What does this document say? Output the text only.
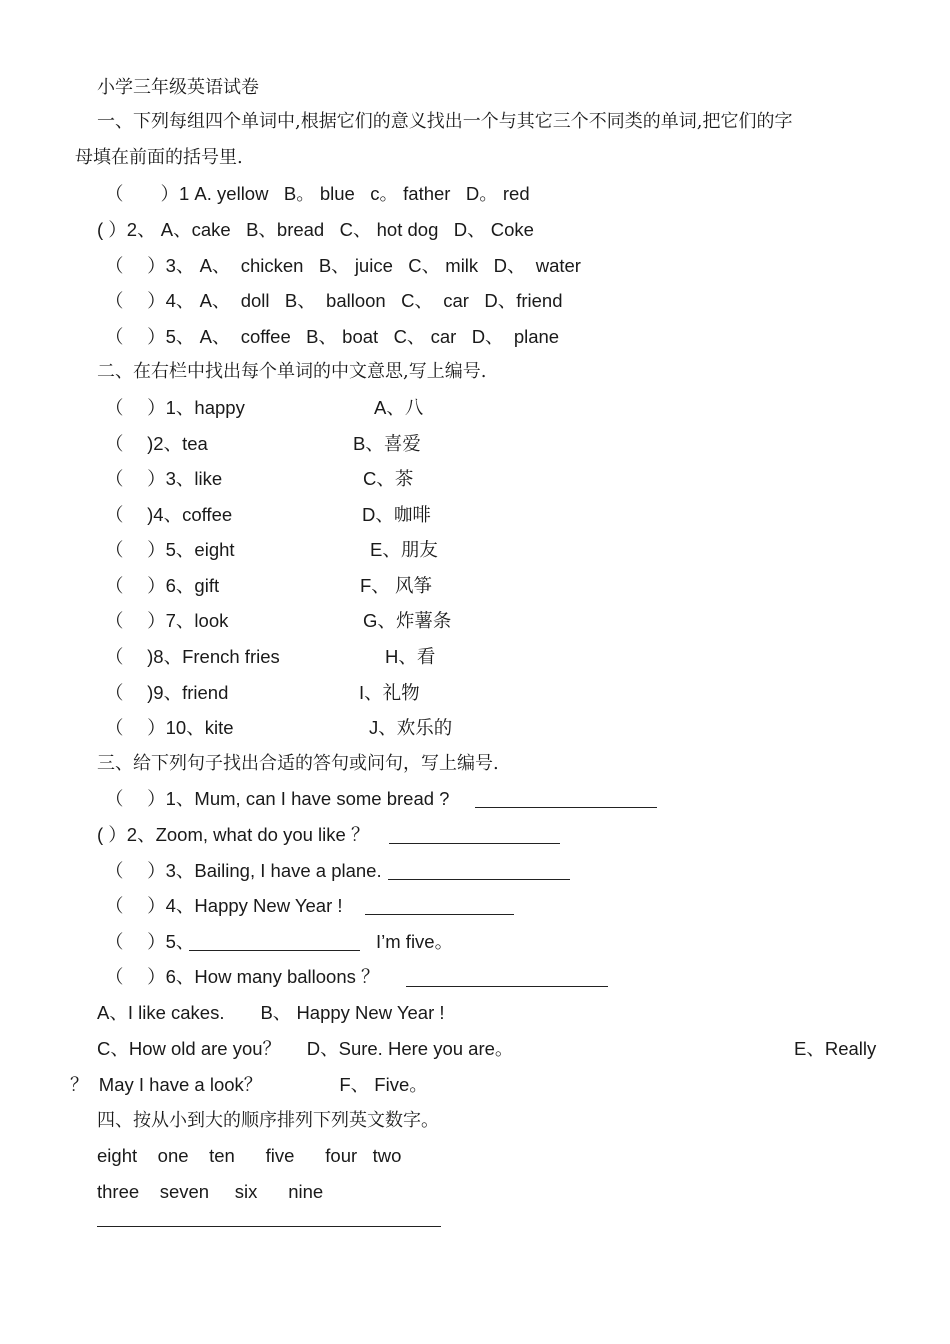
小学三年级英语试卷
一、下列每组四个单词中,根据它们的意义找出一个与其它三个不同类的单词,把它们的字
母填在前面的括号里.
（　　）1 A. yellow   B。 blue   c。 father   D。 red
( ）2、 A、cake   B、bread   C、 hot dog   D、 Coke
（　 ）3、 A、  chicken   B、 juice   C、 milk   D、  water
（　 ）4、 A、  doll   B、  balloon   C、  car   D、friend
（　 ）5、 A、  coffee   B、 boat   C、 car   D、  plane
二、在右栏中找出每个单词的中文意思,写上编号.
（　 ）1、happy
（　 )2、tea
（　 ）3、like
（　 )4、coffee
（　 ）5、eight
（　 ）6、gift
（　 ）7、look
（　 )8、French fries
（　 )9、friend
（　 ）10、kite
A、八
B、喜爱
C、茶
D、咖啡
E、朋友
F、 风筝
G、炸薯条
H、看
I、礼物
J、欢乐的
三、给下列句子找出合适的答句或问句，写上编号.
（　 ）1、Mum, can I have some bread ?
( ）2、Zoom, what do you like ？
（　 ）3、Bailing, I have a plane.
（　 ）4、Happy New Year !
（　 ）5、	I’m five。
（　 ）6、How many balloons ？
A、I like cakes.       B、 Happy New Year !
C、How old are you？     D、Sure. Here you are。	E、Really
？  May I have a look？               F、 Five。
四、按从小到大的顺序排列下列英文数字。
eight    one    ten      five      four   two
three    seven     six      nine
